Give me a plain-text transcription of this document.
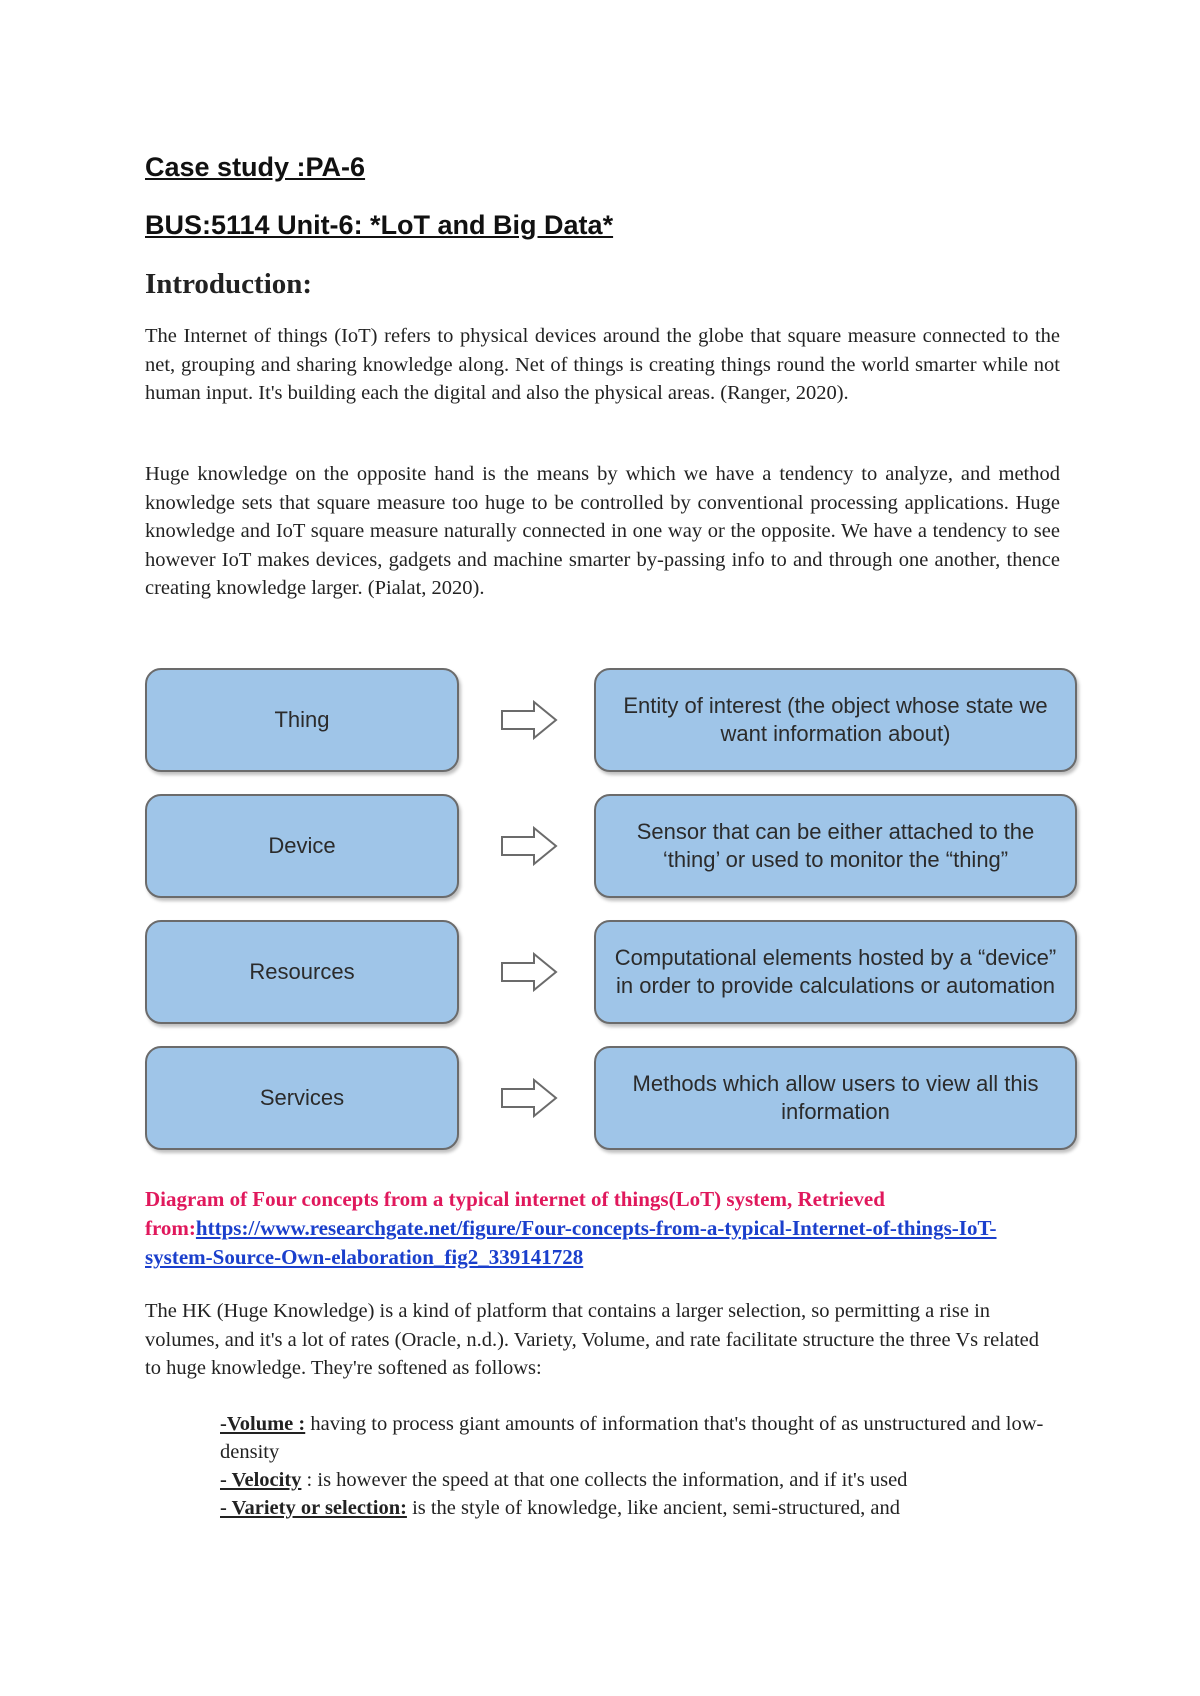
Case study :PA-6
BUS:5114 Unit-6: *LoT and Big Data*
Introduction:

The Internet of things (IoT) refers to physical devices around the globe that square measure connected to the net, grouping and sharing knowledge along. Net of things is creating things round the world smarter while not human input. It's building each the digital and also the physical areas. (Ranger, 2020).

Huge knowledge on the opposite hand is the means by which we have a tendency to analyze, and method knowledge sets that square measure too huge to be controlled by conventional processing applications. Huge knowledge and IoT square measure naturally connected in one way or the opposite. We have a tendency to see however IoT makes devices, gadgets and machine smarter by-passing info to and through one another, thence creating knowledge larger. (Pialat, 2020).

Thing
Entity of interest (the object whose state we want information about)
Device
Sensor that can be either attached to the ‘thing’ or used to monitor the “thing”
Resources
Computational elements hosted by a “device” in order to provide calculations or automation
Services
Methods which allow users to view all this information

Diagram of Four concepts from a typical internet of things(LoT) system, Retrieved from:https://www.researchgate.net/figure/Four-concepts-from-a-typical-Internet-of-things-IoT-system-Source-Own-elaboration_fig2_339141728

The HK (Huge Knowledge) is a kind of platform that contains a larger selection, so permitting a rise in volumes, and it's a lot of rates (Oracle, n.d.). Variety, Volume, and rate facilitate structure the three Vs related to huge knowledge. They're softened as follows:

-Volume : having to process giant amounts of information that's thought of as unstructured and low-density
- Velocity : is however the speed at that one collects the information, and if it's used
- Variety or selection: is the style of knowledge, like ancient, semi-structured, and
